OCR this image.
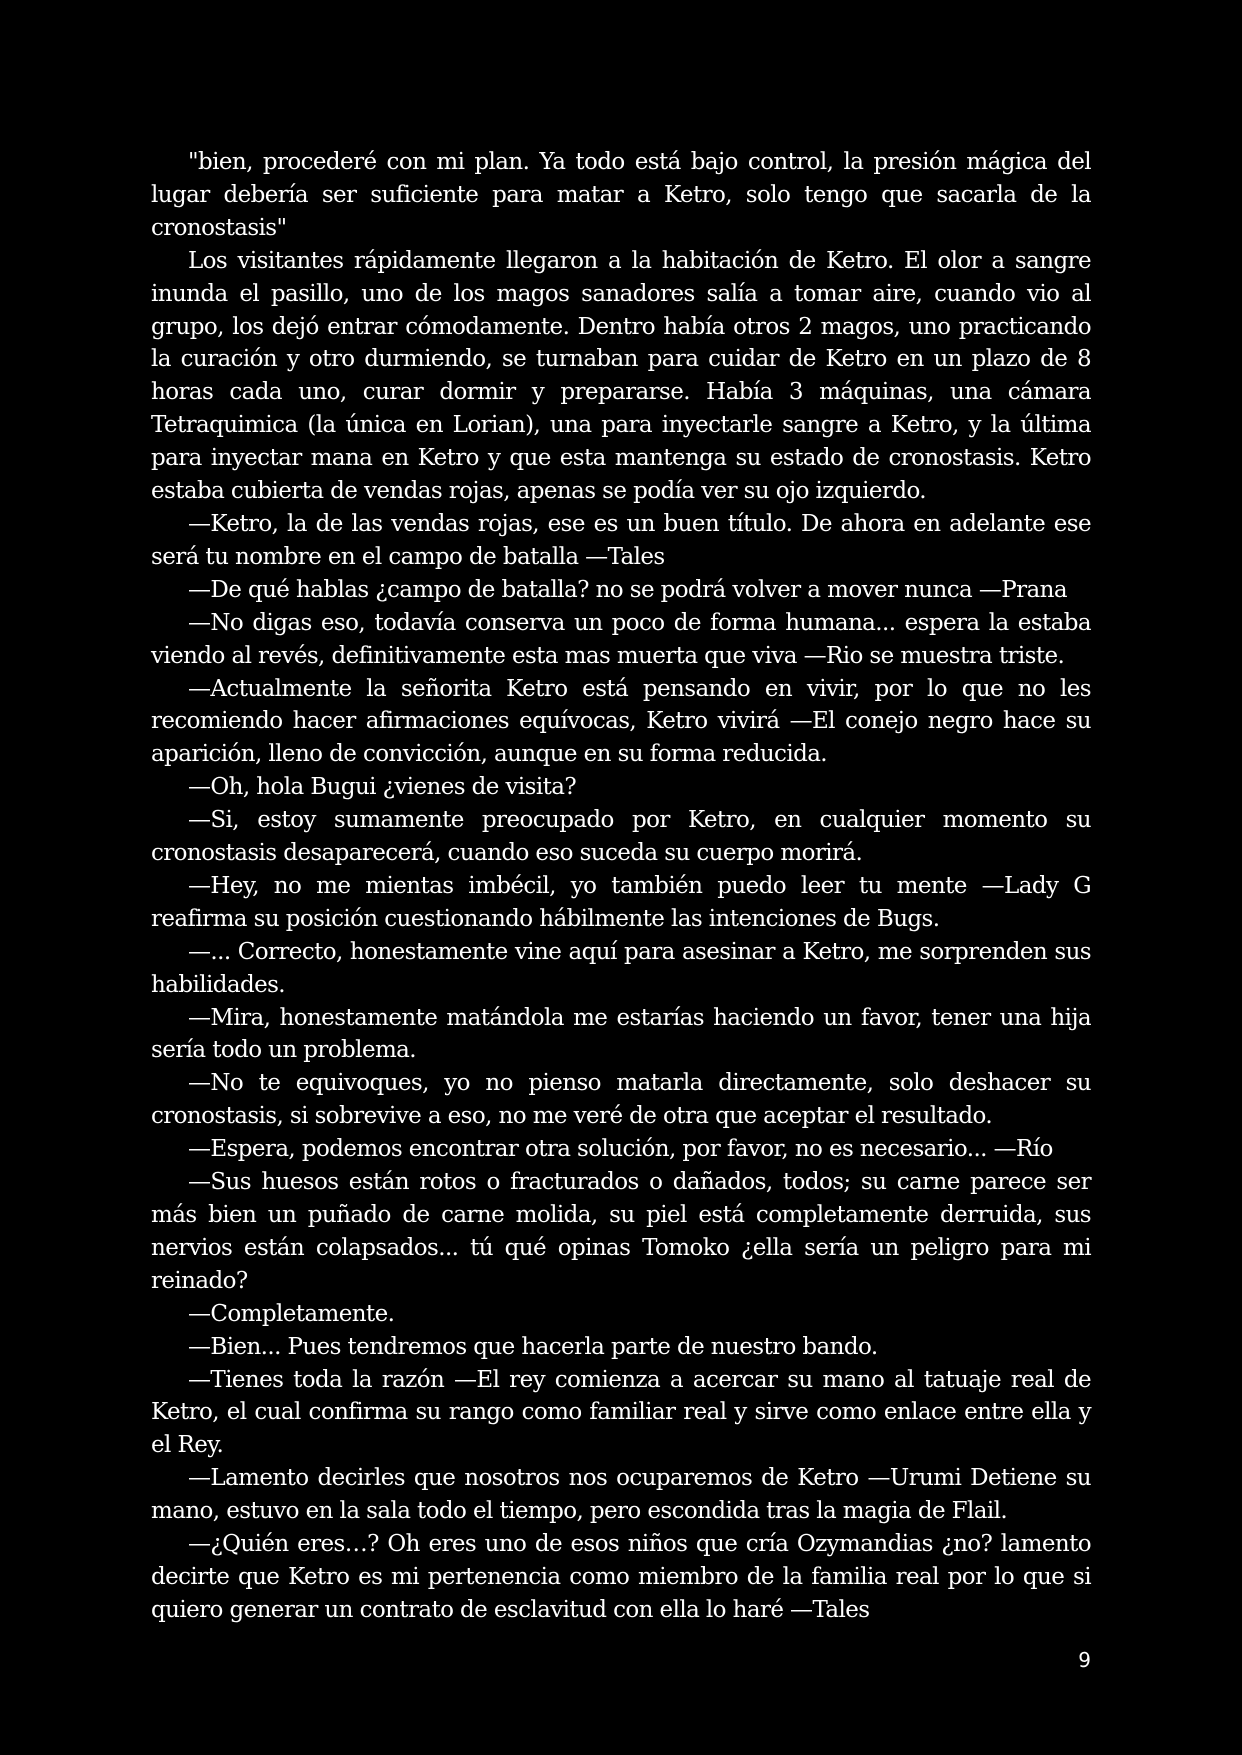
"bien, procederé con mi plan. Ya todo está bajo control, la presión mágica del lugar debería ser suficiente para matar a Ketro, solo tengo que sacarla de la cronostasis"

Los visitantes rápidamente llegaron a la habitación de Ketro. El olor a sangre inunda el pasillo, uno de los magos sanadores salía a tomar aire, cuando vio al grupo, los dejó entrar cómodamente. Dentro había otros 2 magos, uno practicando la curación y otro durmiendo, se turnaban para cuidar de Ketro en un plazo de 8 horas cada uno, curar dormir y prepararse. Había 3 máquinas, una cámara Tetraquimica (la única en Lorian), una para inyectarle sangre a Ketro, y la última para inyectar mana en Ketro y que esta mantenga su estado de cronostasis. Ketro estaba cubierta de vendas rojas, apenas se podía ver su ojo izquierdo.

—Ketro, la de las vendas rojas, ese es un buen título. De ahora en adelante ese será tu nombre en el campo de batalla —Tales

—De qué hablas ¿campo de batalla? no se podrá volver a mover nunca —Prana

—No digas eso, todavía conserva un poco de forma humana... espera la estaba viendo al revés, definitivamente esta mas muerta que viva —Rio se muestra triste.

—Actualmente la señorita Ketro está pensando en vivir, por lo que no les recomiendo hacer afirmaciones equívocas, Ketro vivirá —El conejo negro hace su aparición, lleno de convicción, aunque en su forma reducida.

—Oh, hola Bugui ¿vienes de visita?

—Si, estoy sumamente preocupado por Ketro, en cualquier momento su cronostasis desaparecerá, cuando eso suceda su cuerpo morirá.

—Hey, no me mientas imbécil, yo también puedo leer tu mente —Lady G reafirma su posición cuestionando hábilmente las intenciones de Bugs.

—... Correcto, honestamente vine aquí para asesinar a Ketro, me sorprenden sus habilidades.

—Mira, honestamente matándola me estarías haciendo un favor, tener una hija sería todo un problema.

—No te equivoques, yo no pienso matarla directamente, solo deshacer su cronostasis, si sobrevive a eso, no me veré de otra que aceptar el resultado.

—Espera, podemos encontrar otra solución, por favor, no es necesario... —Río

—Sus huesos están rotos o fracturados o dañados, todos; su carne parece ser más bien un puñado de carne molida, su piel está completamente derruida, sus nervios están colapsados... tú qué opinas Tomoko ¿ella sería un peligro para mi reinado?

—Completamente.

—Bien... Pues tendremos que hacerla parte de nuestro bando.

—Tienes toda la razón —El rey comienza a acercar su mano al tatuaje real de Ketro, el cual confirma su rango como familiar real y sirve como enlace entre ella y el Rey.

—Lamento decirles que nosotros nos ocuparemos de Ketro —Urumi Detiene su mano, estuvo en la sala todo el tiempo, pero escondida tras la magia de Flail.

—¿Quién eres…? Oh eres uno de esos niños que cría Ozymandias ¿no? lamento decirte que Ketro es mi pertenencia como miembro de la familia real por lo que si quiero generar un contrato de esclavitud con ella lo haré —Tales

9
